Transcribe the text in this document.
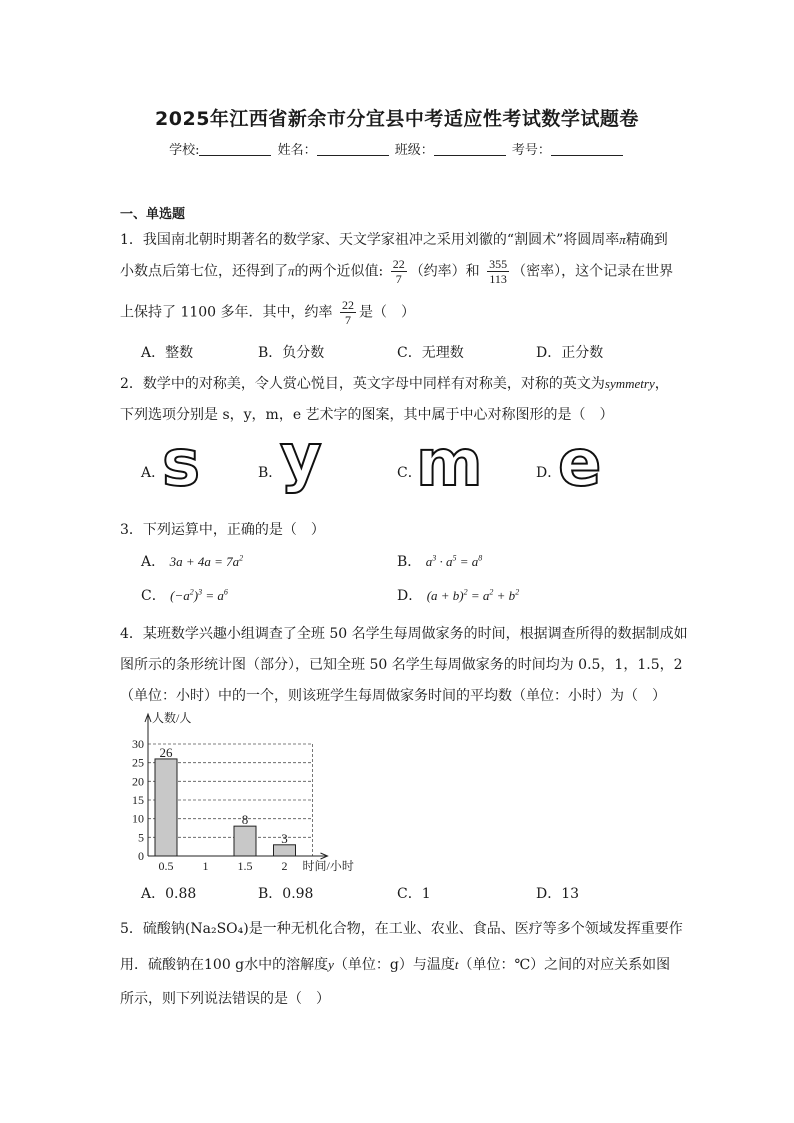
2025年江西省新余市分宜县中考适应性考试数学试题卷
学校:	姓名：	班级：	考号：
一、单选题
1．我国南北朝时期著名的数学家、天文学家祖冲之采用刘徽的“割圆术”将圆周率π精确到
小数点后第七位，还得到了π的两个近似值: $\frac{22}{7}$ （约率）和 $\frac{355}{113}$ （密率），这个记录在世界
上保持了 1100 多年．其中，约率 $\frac{22}{7}$ 是（　）
A．整数	B．负分数	C．无理数	D．正分数
2．数学中的对称美，令人赏心悦目，英文字母中同样有对称美，对称的英文为symmetry，
下列选项分别是 s，y，m，e 艺术字的图案，其中属于中心对称图形的是（　）
A．
s	B．
y	C．
m	D．
e
3．下列运算中，正确的是（　）
A． $3a + 4a = 7a^2$	B． $a^3 \cdot a^5 = a^8$
C． $(-a^2)^3 = a^6$	D． $(a + b)^2 = a^2 + b^2$
4．某班数学兴趣小组调查了全班 50 名学生每周做家务的时间，根据调查所得的数据制成如
图所示的条形统计图（部分），已知全班 50 名学生每周做家务的时间均为 0.5，1，1.5，2
（单位：小时）中的一个，则该班学生每周做家务时间的平均数（单位：小时）为（　）
0
5
10
15
20
25
30
人数/人
时间/小时
0.5
26
1 1.5
8
2
3
A．0.88	B．0.98	C．1	D．13
5．硫酸钠(Na₂SO₄)是一种无机化合物，在工业、农业、食品、医疗等多个领域发挥重要作
用．硫酸钠在100 g水中的溶解度y（单位：g）与温度t（单位：℃）之间的对应关系如图
所示，则下列说法错误的是（　）
